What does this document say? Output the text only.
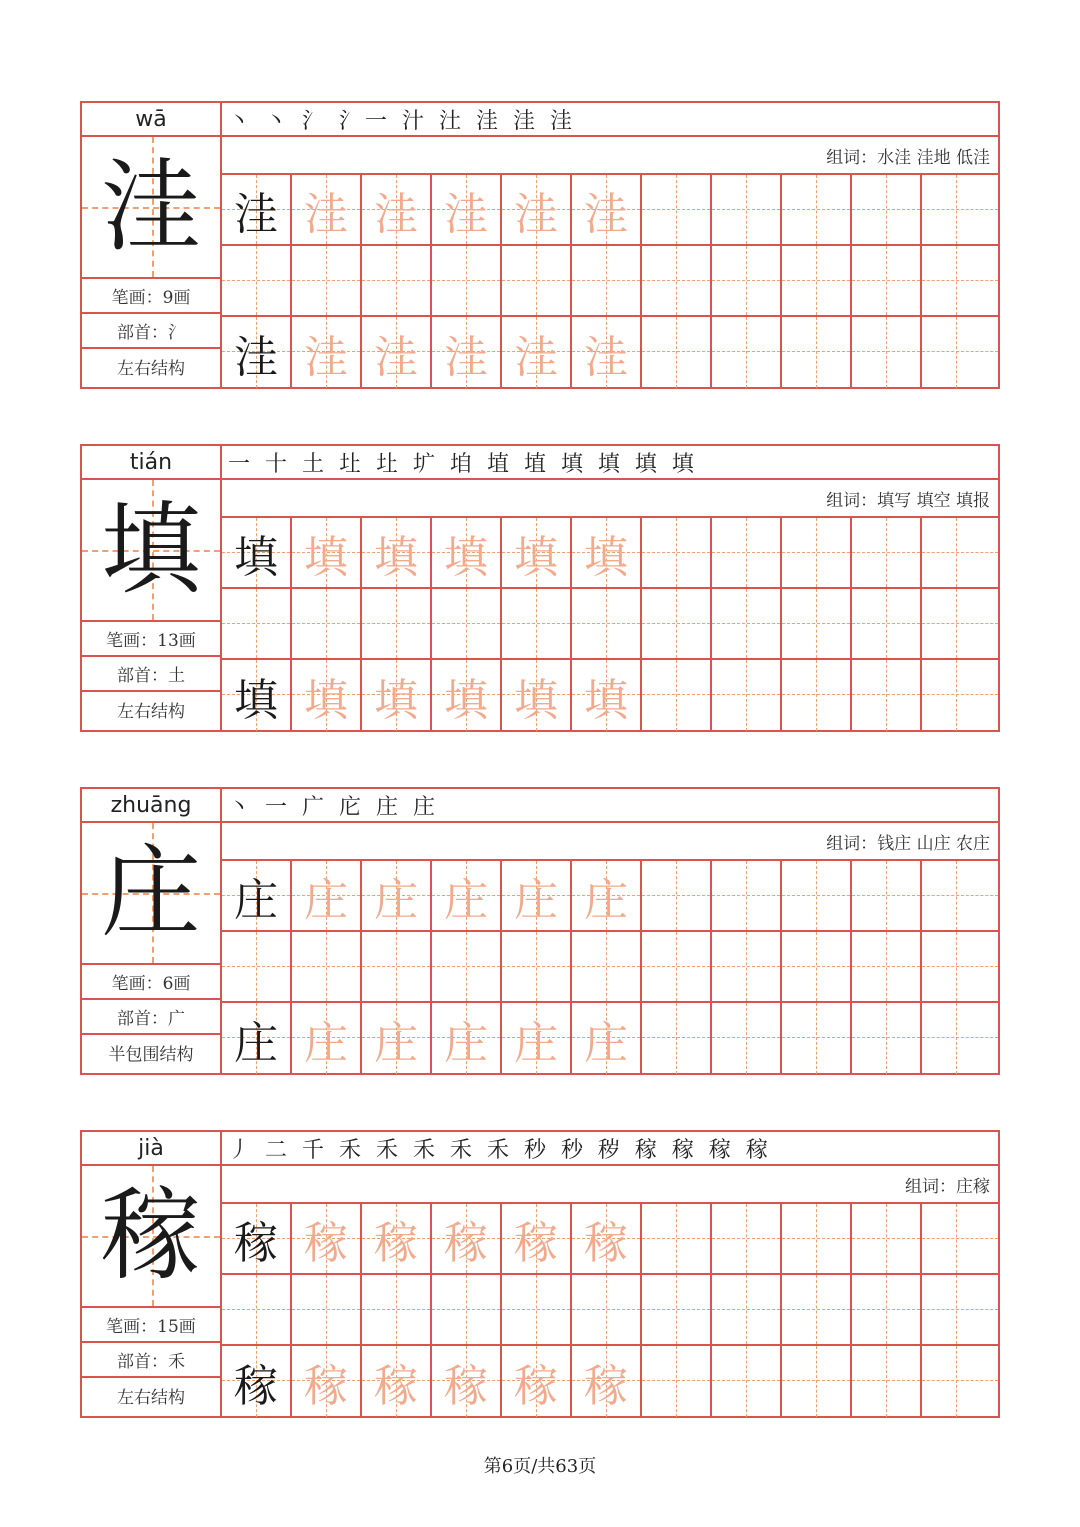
wā
洼
笔画：9画
部首：氵
左右结构
丶 丶 氵 氵一 汁 汢 洼 洼 洼
组词：水洼 洼地 低洼
洼 洼 洼 洼 洼 洼
洼 洼 洼 洼 洼 洼
tián
填
笔画：13画
部首：土
左右结构
一 十 土 圵 圵 圹 垍 埴 埴 填 填 填 填
组词：填写 填空 填报
填 填 填 填 填 填
填 填 填 填 填 填
zhuāng
庄
笔画：6画
部首：广
半包围结构
丶 一 广 庀 庄 庄
组词：钱庄 山庄 农庄
庄 庄 庄 庄 庄 庄
庄 庄 庄 庄 庄 庄
jià
稼
笔画：15画
部首：禾
左右结构
丿 二 千 禾 禾 禾 禾 禾 秒 秒 秽 稼 稼 稼 稼
组词：庄稼
稼 稼 稼 稼 稼 稼
稼 稼 稼 稼 稼 稼
第6页/共63页
